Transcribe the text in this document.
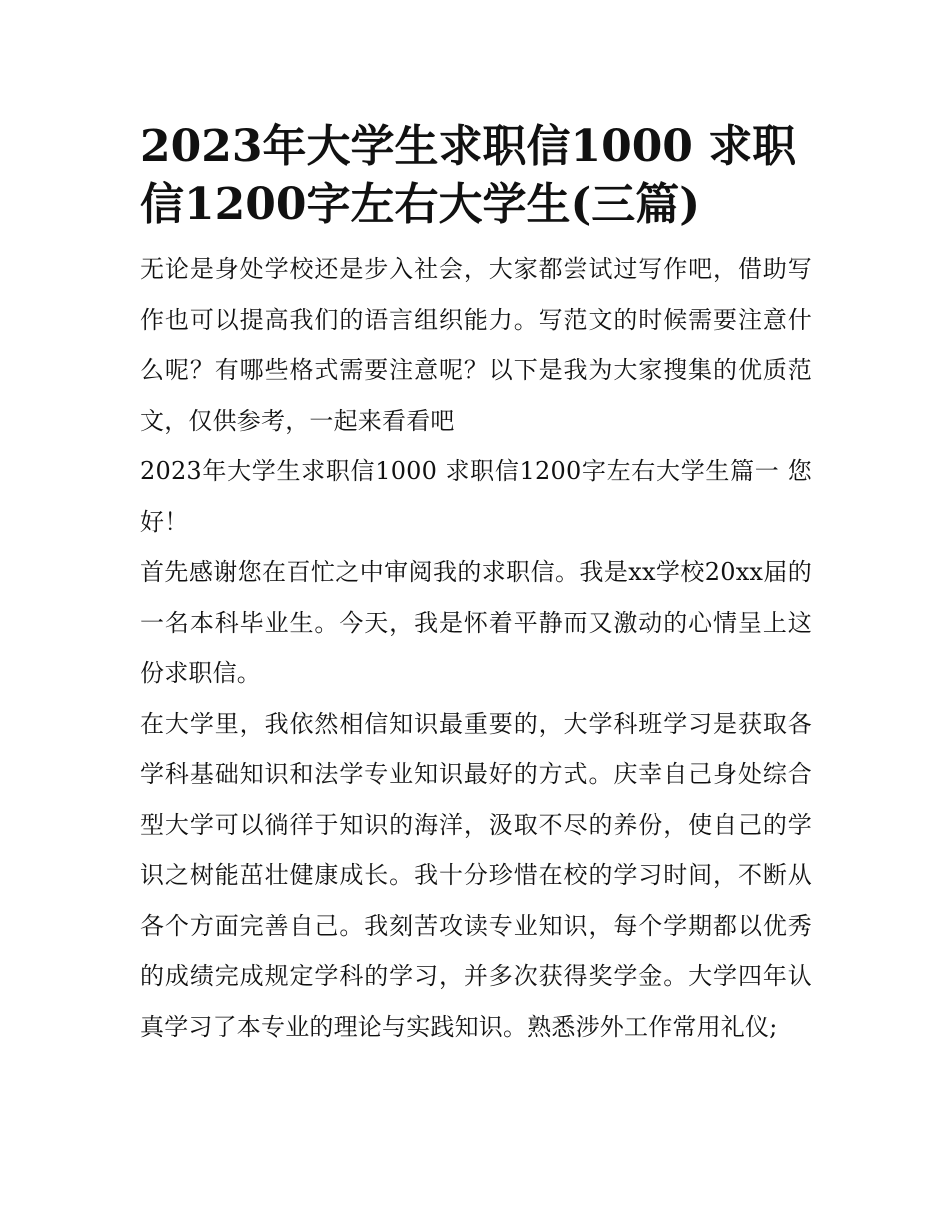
2023年大学生求职信1000 求职信1200字左右大学生(三篇)

无论是身处学校还是步入社会，大家都尝试过写作吧，借助写作也可以提高我们的语言组织能力。写范文的时候需要注意什么呢？有哪些格式需要注意呢？以下是我为大家搜集的优质范文，仅供参考，一起来看看吧

2023年大学生求职信1000 求职信1200字左右大学生篇一 您好！

首先感谢您在百忙之中审阅我的求职信。我是xx学校20xx届的一名本科毕业生。今天，我是怀着平静而又激动的心情呈上这份求职信。

在大学里，我依然相信知识最重要的，大学科班学习是获取各学科基础知识和法学专业知识最好的方式。庆幸自己身处综合型大学可以徜徉于知识的海洋，汲取不尽的养份，使自己的学识之树能茁壮健康成长。我十分珍惜在校的学习时间，不断从各个方面完善自己。我刻苦攻读专业知识，每个学期都以优秀的成绩完成规定学科的学习，并多次获得奖学金。大学四年认真学习了本专业的理论与实践知识。熟悉涉外工作常用礼仪;
